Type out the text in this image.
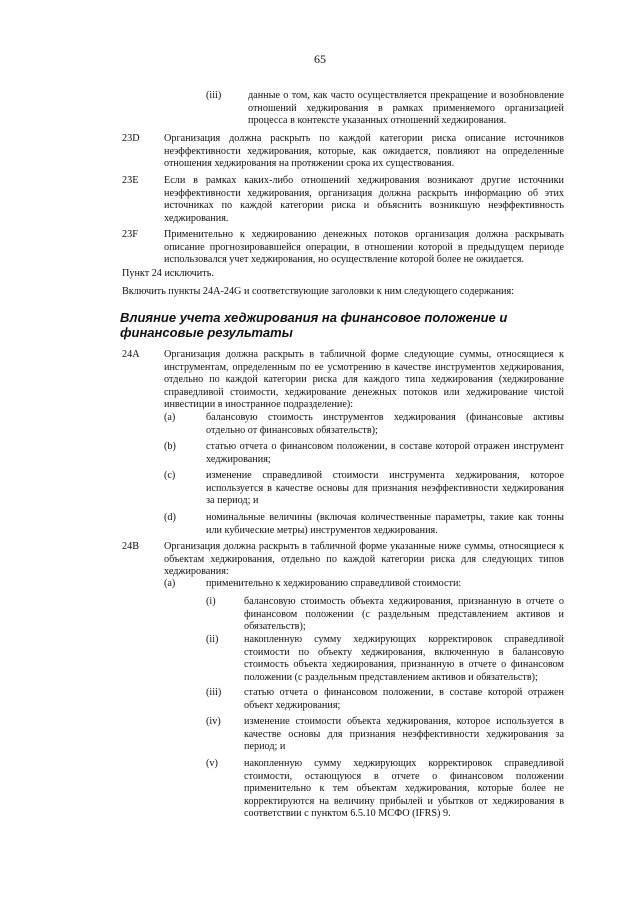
65
(iii)	данные о том, как часто осуществляется прекращение и возобновление отношений хеджирования в рамках применяемого организацией процесса в контексте указанных отношений хеджирования.

23D Организация должна раскрыть по каждой категории риска описание источников неэффективности хеджирования, которые, как ожидается, повлияют на определенные отношения хеджирования на протяжении срока их существования.

23E	Если в рамках каких-либо отношений хеджирования возникают другие источники неэффективности хеджирования, организация должна раскрыть информацию об этих источниках по каждой категории риска и объяснить возникшую неэффективность хеджирования.

23F	Применительно к хеджированию денежных потоков организация должна раскрывать описание прогнозировавшейся операции, в отношении которой в предыдущем периоде использовался учет хеджирования, но осуществление которой более не ожидается.

Пункт 24 исключить.

Включить пункты 24A-24G и соответствующие заголовки к ним следующего содержания:

Влияние учета хеджирования на финансовое положение и финансовые результаты
24A Организация должна раскрыть в табличной форме следующие суммы, относящиеся к инструментам, определенным по ее усмотрению в качестве инструментов хеджирования, отдельно по каждой категории риска для каждого типа хеджирования (хеджирование справедливой стоимости, хеджирование денежных потоков или хеджирование чистой инвестиции в иностранное подразделение):

(a)	балансовую стоимость инструментов хеджирования (финансовые активы отдельно от финансовых обязательств);

(b)	статью отчета о финансовом положении, в составе которой отражен инструмент хеджирования;

(c)	изменение справедливой стоимости инструмента хеджирования, которое используется в качестве основы для признания неэффективности хеджирования за период; и

(d)	номинальные величины (включая количественные параметры, такие как тонны или кубические метры) инструментов хеджирования.

24B Организация должна раскрыть в табличной форме указанные ниже суммы, относящиеся к объектам хеджирования, отдельно по каждой категории риска для следующих типов хеджирования:

(a)	применительно к хеджированию справедливой стоимости:

(i)	балансовую стоимость объекта хеджирования, признанную в отчете о финансовом положении (с раздельным представлением активов и обязательств);

(ii)	накопленную сумму хеджирующих корректировок справедливой стоимости по объекту хеджирования, включенную в балансовую стоимость объекта хеджирования, признанную в отчете о финансовом положении (с раздельным представлением активов и обязательств);

(iii) статью отчета о финансовом положении, в составе которой отражен объект хеджирования;

(iv) изменение стоимости объекта хеджирования, которое используется в качестве основы для признания неэффективности хеджирования за период; и

(v)	накопленную сумму хеджирующих корректировок справедливой стоимости, остающуюся в отчете о финансовом положении применительно к тем объектам хеджирования, которые более не корректируются на величину прибылей и убытков от хеджирования в соответствии с пунктом 6.5.10 МСФО (IFRS) 9.
